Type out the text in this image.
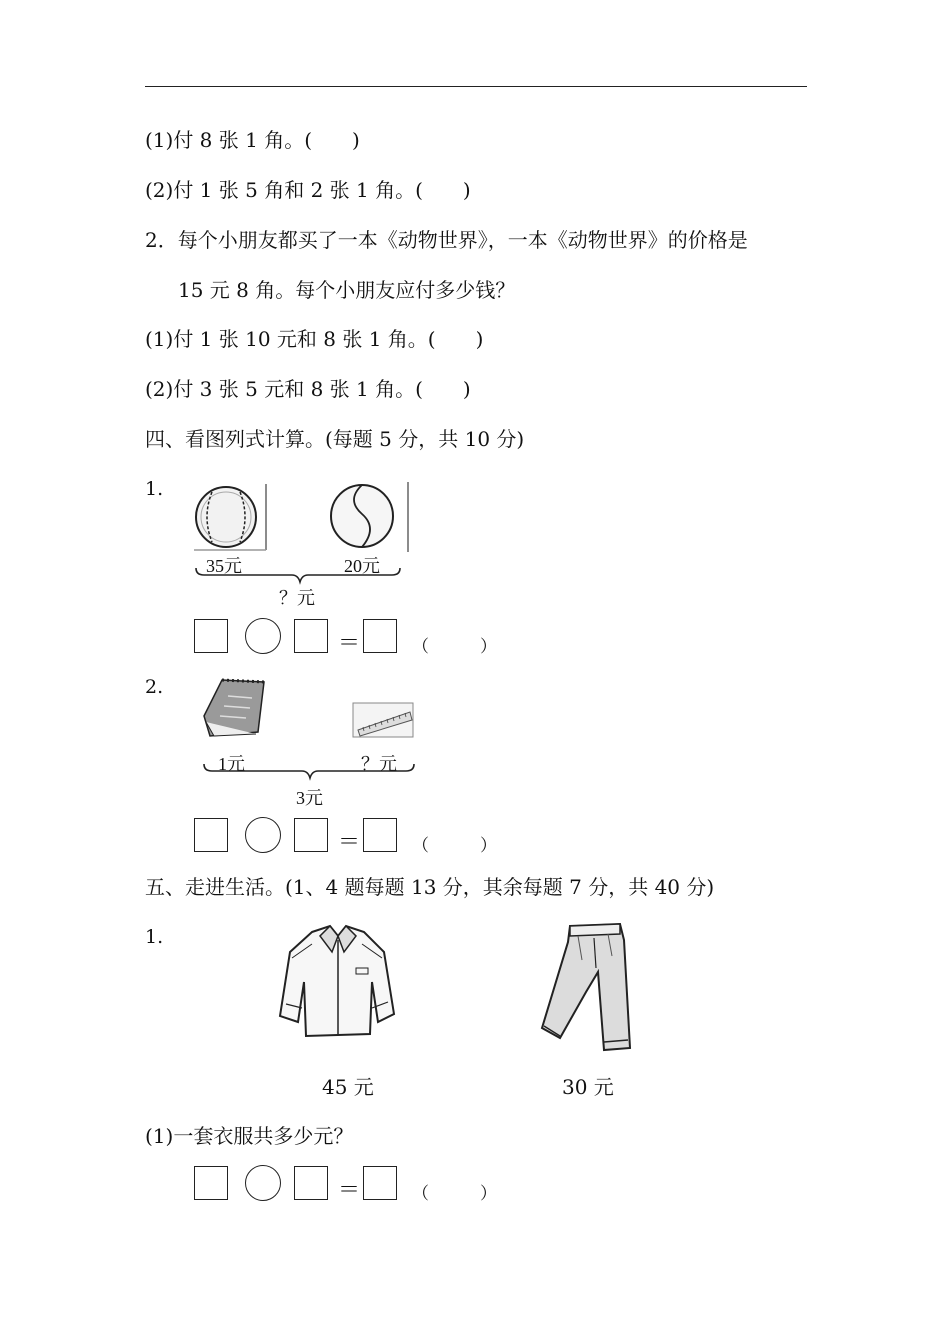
(1)付 8 张 1 角。(　　)
(2)付 1 张 5 角和 2 张 1 角。(　　)
2．每个小朋友都买了一本《动物世界》，一本《动物世界》的价格是
15 元 8 角。每个小朋友应付多少钱？
(1)付 1 张 10 元和 8 张 1 角。(　　)
(2)付 3 张 5 元和 8 张 1 角。(　　)
四、看图列式计算。(每题 5 分，共 10 分)
1.
35元	20元
？元
＝	（　　　）
2.
1元	？元
3元
＝	（　　　）
五、走进生活。(1、4 题每题 13 分，其余每题 7 分，共 40 分)
1.
45 元	30 元
(1)一套衣服共多少元？
＝	（　　　）
